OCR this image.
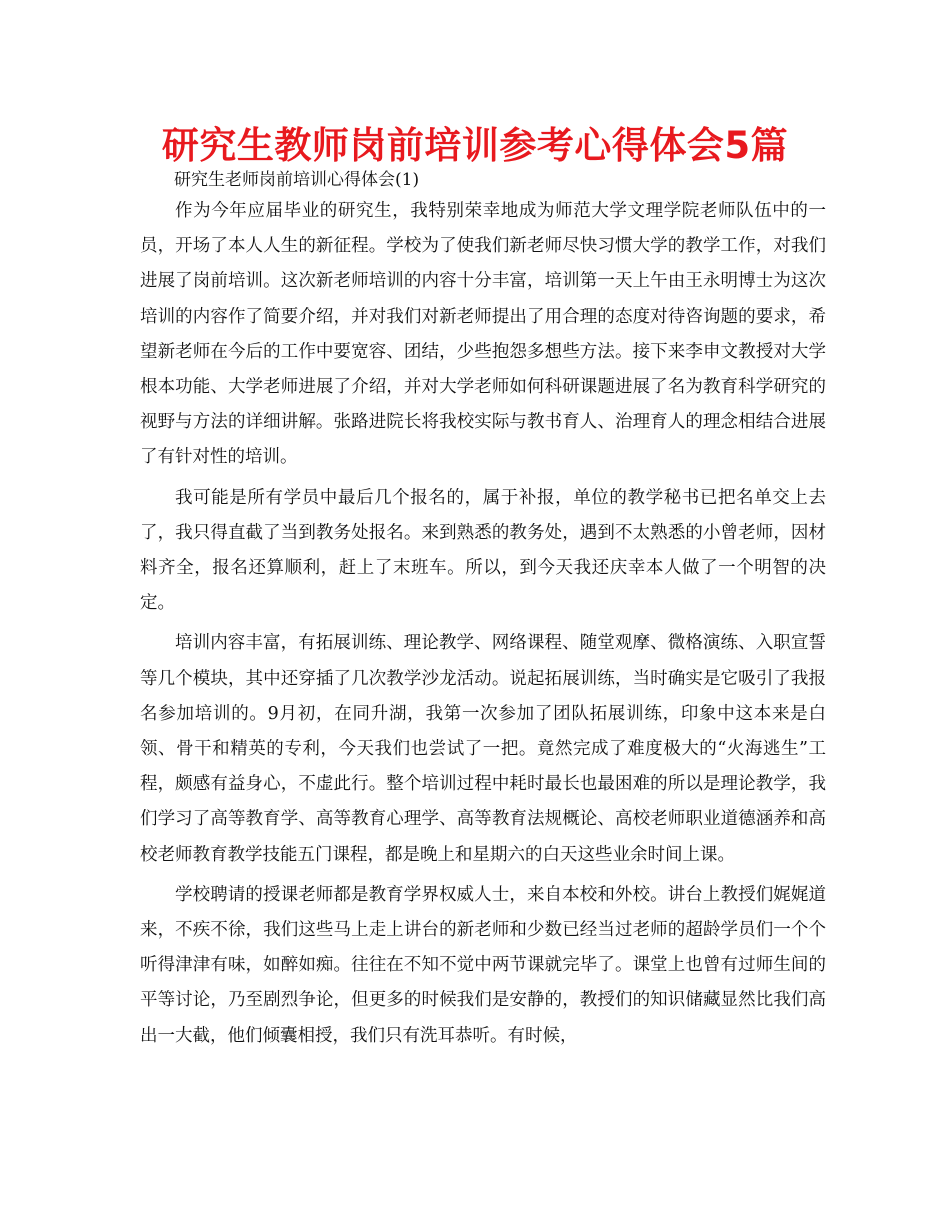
研究生教师岗前培训参考心得体会5篇

研究生老师岗前培训心得体会(1)

作为今年应届毕业的研究生，我特别荣幸地成为师范大学文理学院老师队伍中的一员，开场了本人人生的新征程。学校为了使我们新老师尽快习惯大学的教学工作，对我们进展了岗前培训。这次新老师培训的内容十分丰富，培训第一天上午由王永明博士为这次培训的内容作了简要介绍，并对我们对新老师提出了用合理的态度对待咨询题的要求，希望新老师在今后的工作中要宽容、团结，少些抱怨多想些方法。接下来李申文教授对大学根本功能、大学老师进展了介绍，并对大学老师如何科研课题进展了名为教育科学研究的视野与方法的详细讲解。张路进院长将我校实际与教书育人、治理育人的理念相结合进展了有针对性的培训。

我可能是所有学员中最后几个报名的，属于补报，单位的教学秘书已把名单交上去了，我只得直截了当到教务处报名。来到熟悉的教务处，遇到不太熟悉的小曾老师，因材料齐全，报名还算顺利，赶上了末班车。所以，到今天我还庆幸本人做了一个明智的决定。

培训内容丰富，有拓展训练、理论教学、网络课程、随堂观摩、微格演练、入职宣誓等几个模块，其中还穿插了几次教学沙龙活动。说起拓展训练，当时确实是它吸引了我报名参加培训的。9月初，在同升湖，我第一次参加了团队拓展训练，印象中这本来是白领、骨干和精英的专利，今天我们也尝试了一把。竟然完成了难度极大的“火海逃生”工程，颇感有益身心，不虚此行。整个培训过程中耗时最长也最困难的所以是理论教学，我们学习了高等教育学、高等教育心理学、高等教育法规概论、高校老师职业道德涵养和高校老师教育教学技能五门课程，都是晚上和星期六的白天这些业余时间上课。

学校聘请的授课老师都是教育学界权威人士，来自本校和外校。讲台上教授们娓娓道来，不疾不徐，我们这些马上走上讲台的新老师和少数已经当过老师的超龄学员们一个个听得津津有味，如醉如痴。往往在不知不觉中两节课就完毕了。课堂上也曾有过师生间的平等讨论，乃至剧烈争论，但更多的时候我们是安静的，教授们的知识储藏显然比我们高出一大截，他们倾囊相授，我们只有洗耳恭听。有时候，
